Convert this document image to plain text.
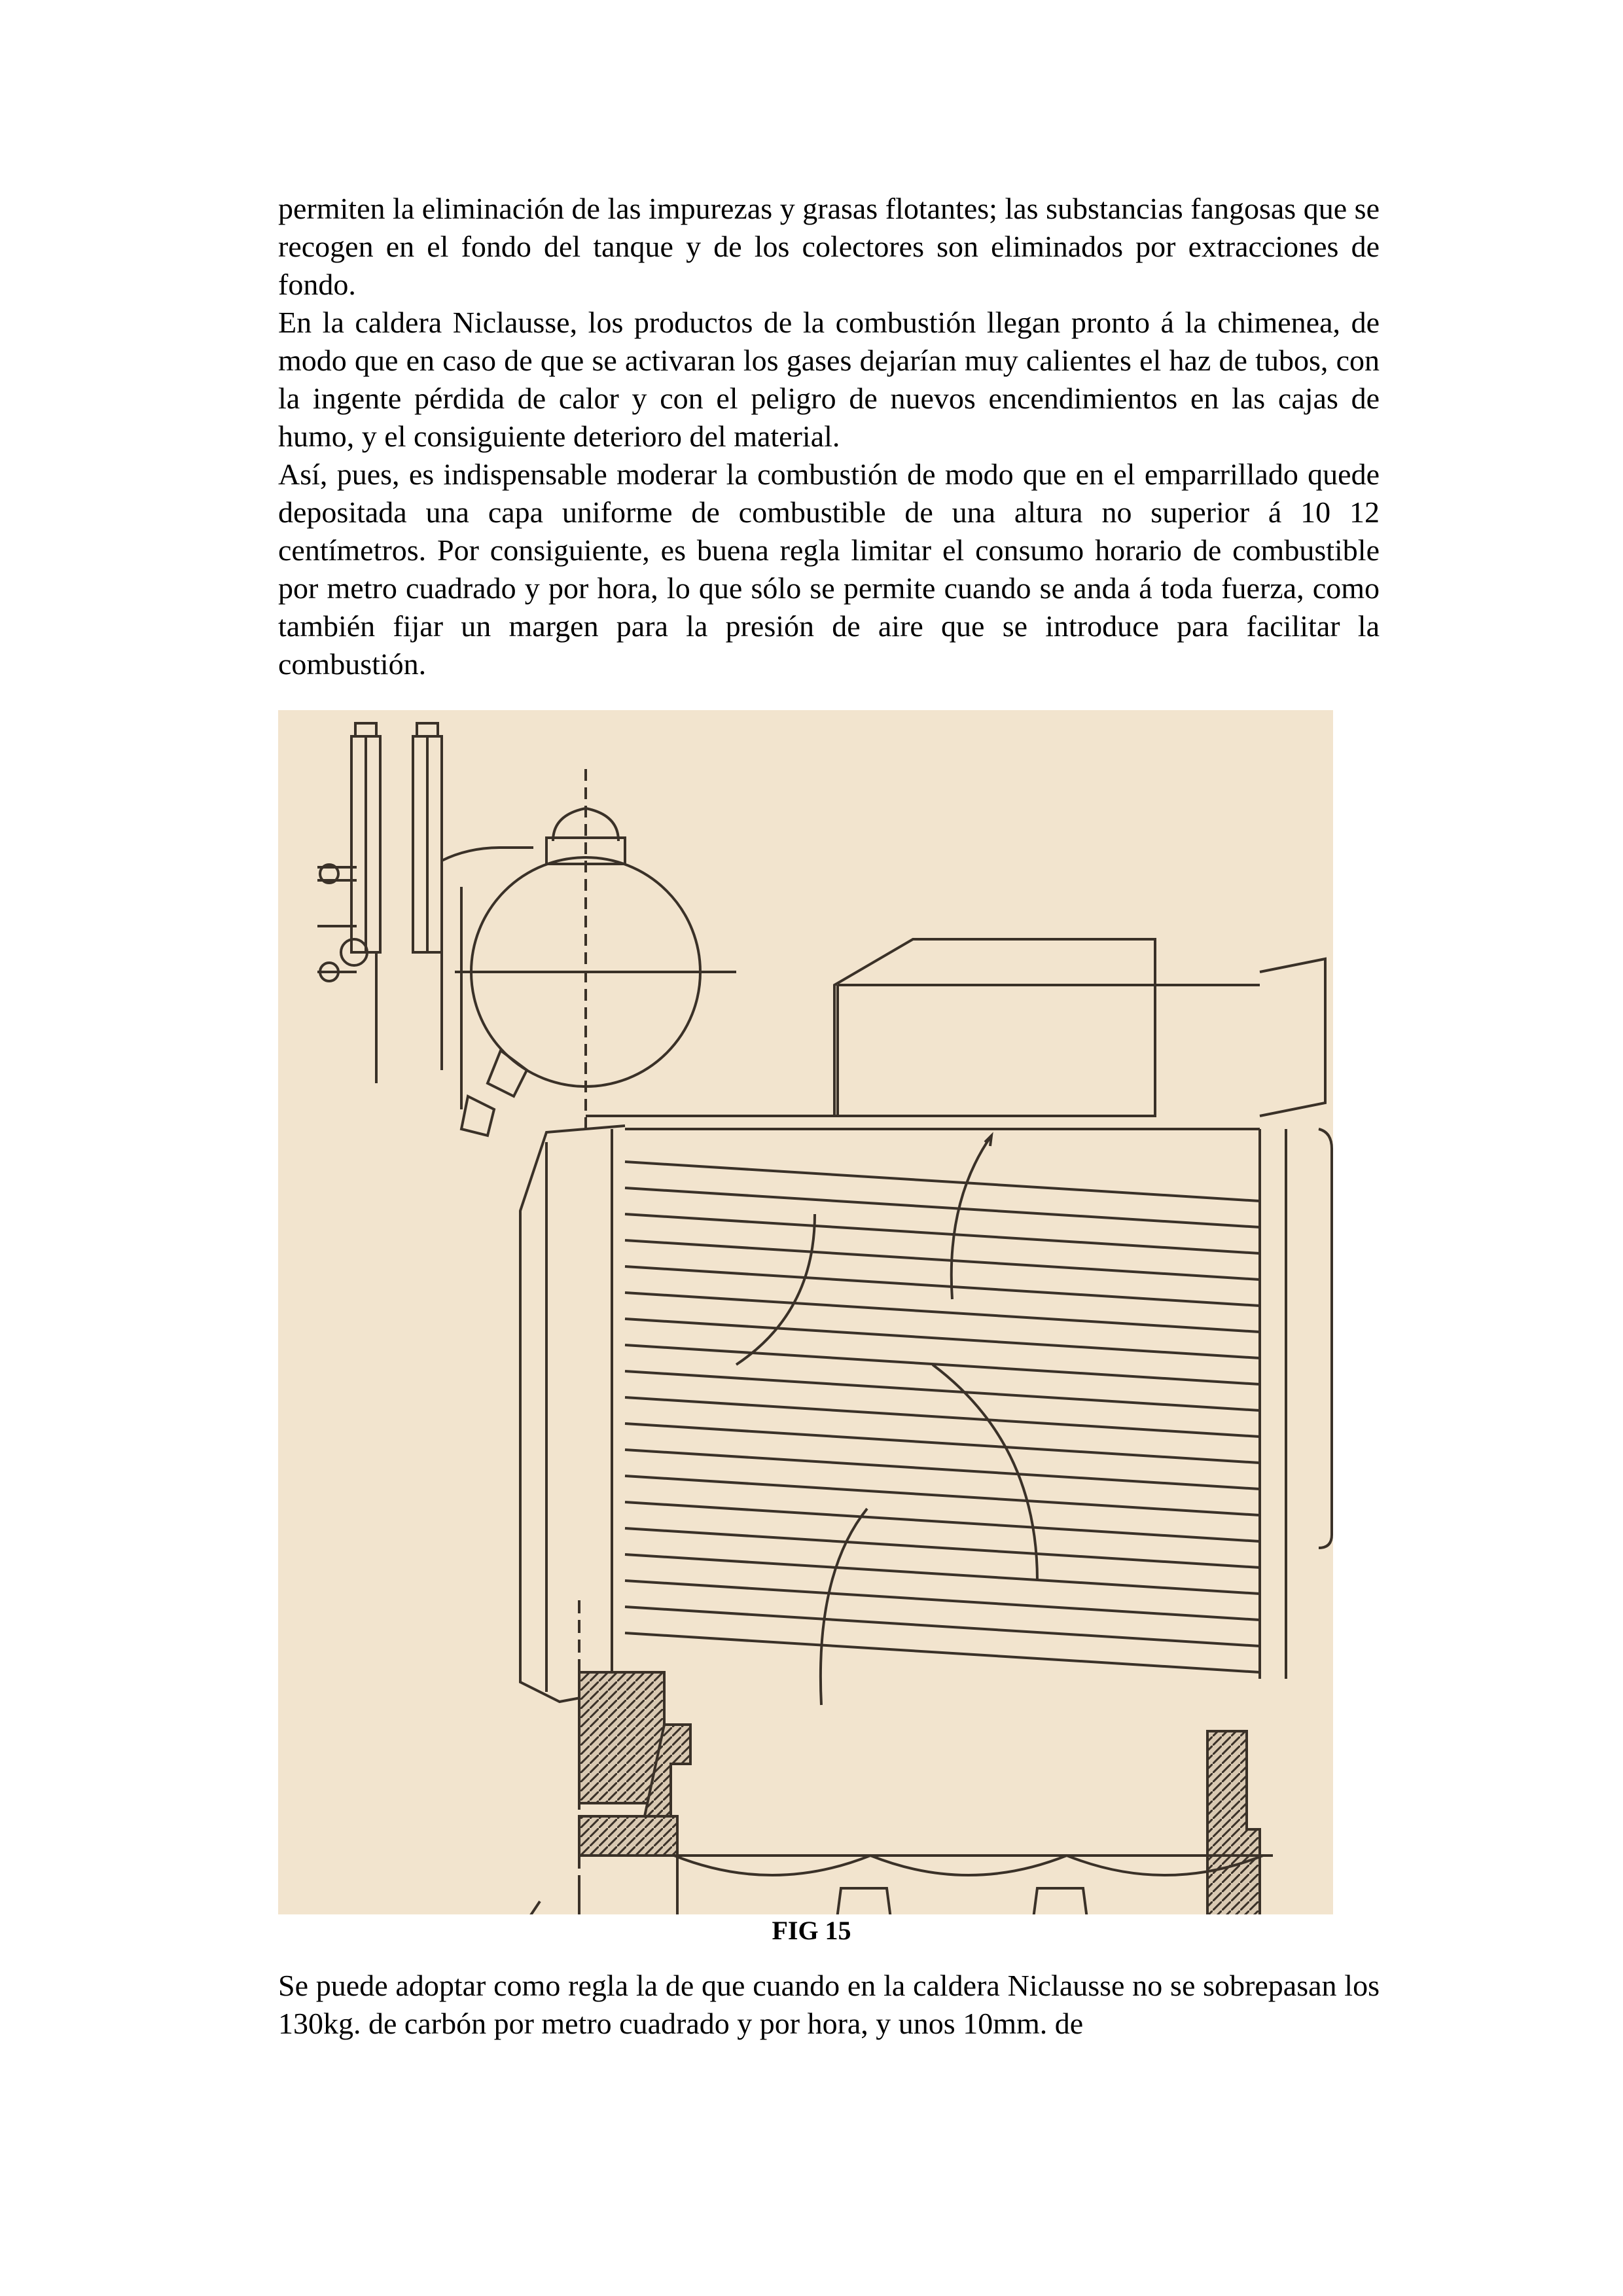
permiten la eliminación de las impurezas y grasas flotantes; las substancias fangosas que se recogen en el fondo del tanque y de los colectores son eliminados por extracciones de fondo.

En la caldera Niclausse, los productos de la combustión llegan pronto á la chimenea, de modo que en caso de que se activaran los gases dejarían muy calientes el haz de tubos, con la ingente pérdida de calor y con el peligro de nuevos encendimientos en las cajas de humo, y el consiguiente deterioro del material.

Así, pues, es indispensable moderar la combustión de modo que en el emparrillado quede depositada una capa uniforme de combustible de una altura no superior á 10 12 centímetros. Por consiguiente, es buena regla limitar el consumo horario de combustible por metro cuadrado y por hora, lo que sólo se permite cuando se anda á toda fuerza, como también fijar un margen para la presión de aire que se introduce para facilitar la combustión.

FIG 15

Se puede adoptar como regla la de que cuando en la caldera Niclausse no se sobrepasan los 130kg. de carbón por metro cuadrado y por hora, y unos 10mm. de
